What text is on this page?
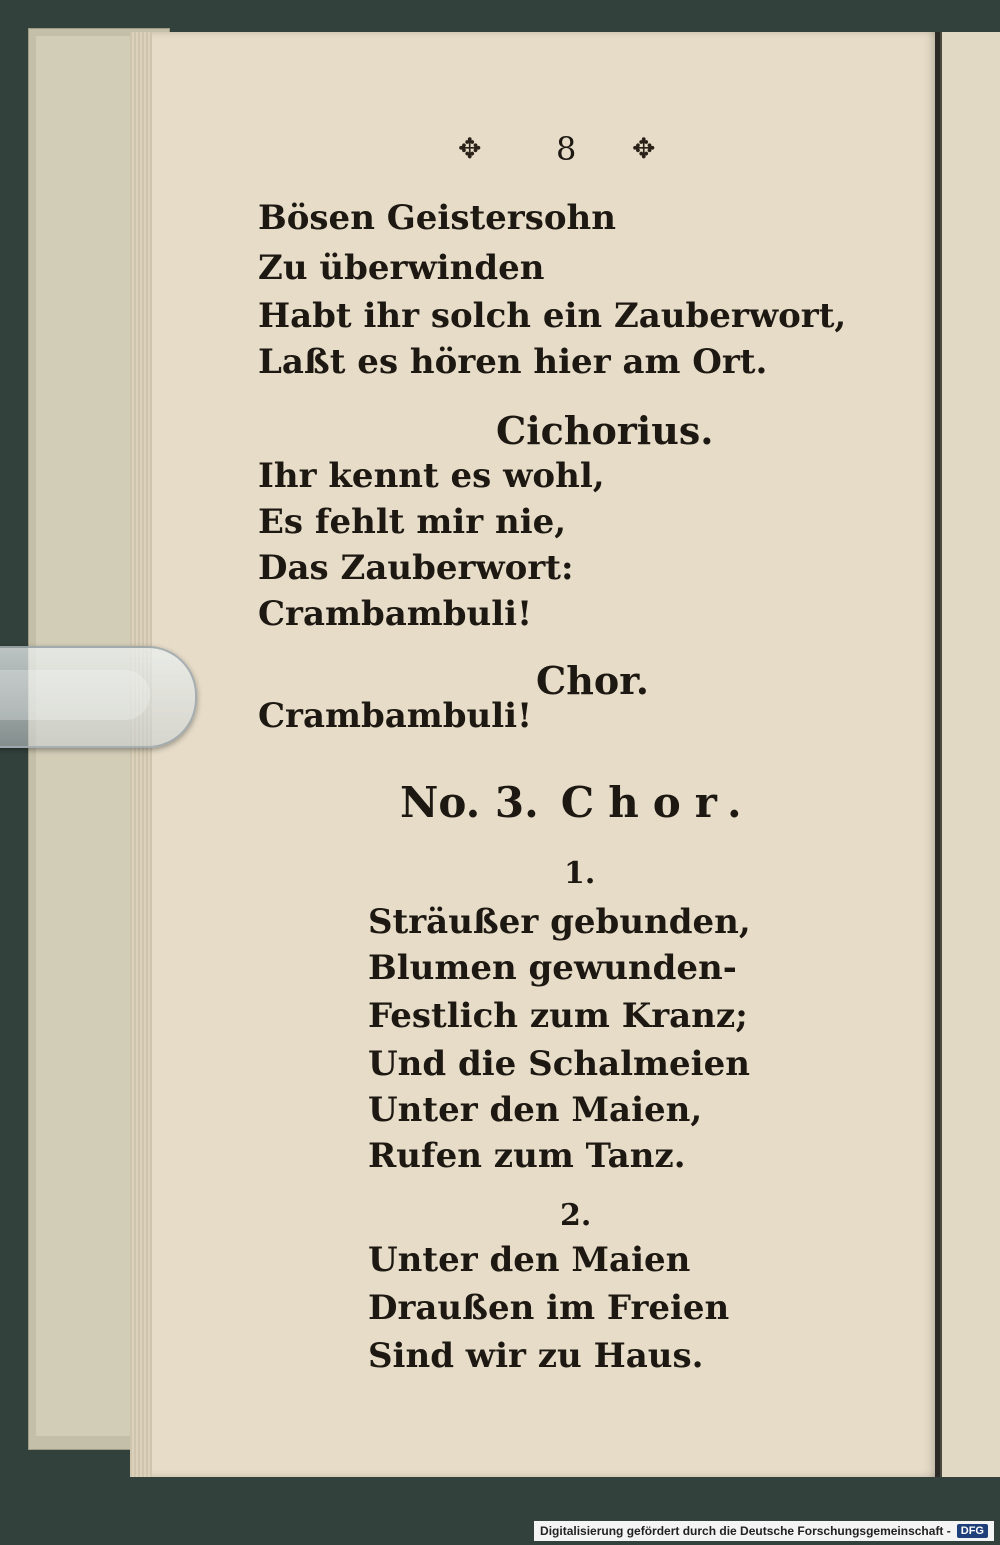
✥ 8 ✥
Bösen Geistersohn
Zu überwinden
Habt ihr solch ein Zauberwort,
Laßt es hören hier am Ort.
Cichorius.
Ihr kennt es wohl,
Es fehlt mir nie,
Das Zauberwort:
Crambambuli!
Chor.
Crambambuli!
No. 3. Chor.
1.
Sträußer gebunden,
Blumen gewunden-
Festlich zum Kranz;
Und die Schalmeien
Unter den Maien,
Rufen zum Tanz.
2.
Unter den Maien
Draußen im Freien
Sind wir zu Haus.
Digitalisierung gefördert durch die Deutsche Forschungsgemeinschaft - DFG
